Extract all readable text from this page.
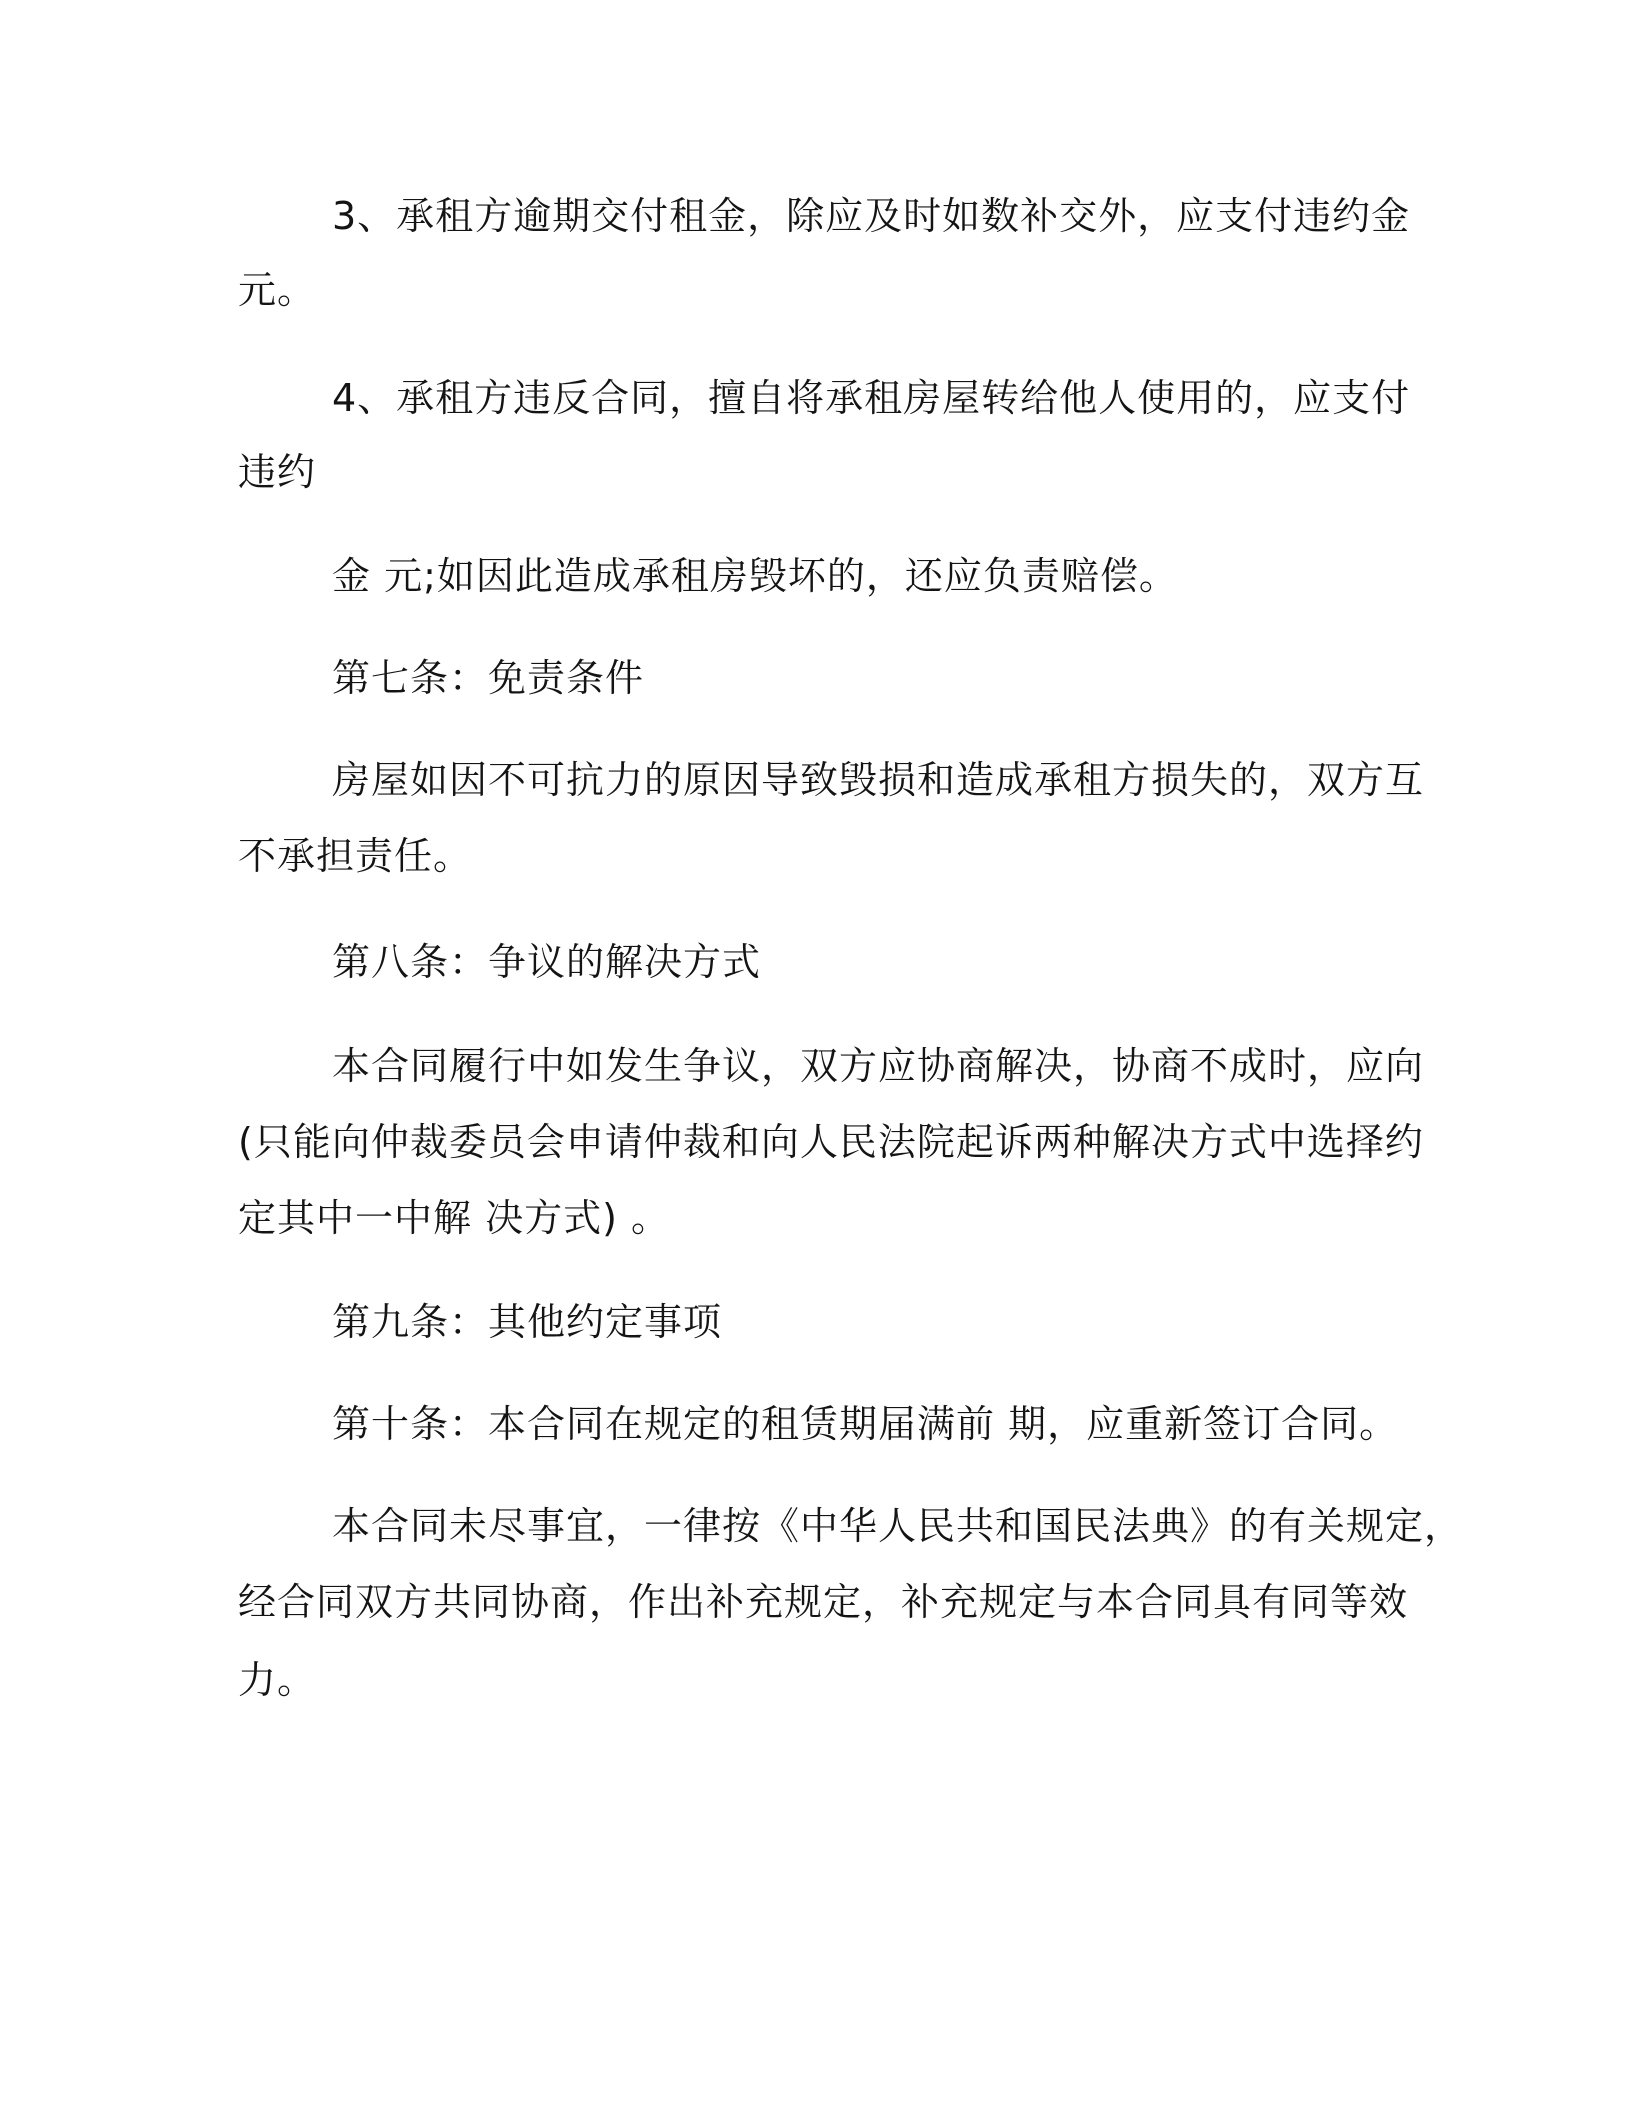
3、承租方逾期交付租金，除应及时如数补交外，应支付违约金

元。

4、承租方违反合同，擅自将承租房屋转给他人使用的，应支付

违约

金 元;如因此造成承租房毁坏的，还应负责赔偿。

第七条：免责条件

房屋如因不可抗力的原因导致毁损和造成承租方损失的，双方互

不承担责任。

第八条：争议的解决方式

本合同履行中如发生争议，双方应协商解决，协商不成时，应向

(只能向仲裁委员会申请仲裁和向人民法院起诉两种解决方式中选择约

定其中一中解 决方式) 。

第九条：其他约定事项

第十条：本合同在规定的租赁期届满前 期，应重新签订合同。

本合同未尽事宜，一律按《中华人民共和国民法典》的有关规定，

经合同双方共同协商，作出补充规定，补充规定与本合同具有同等效

力。
